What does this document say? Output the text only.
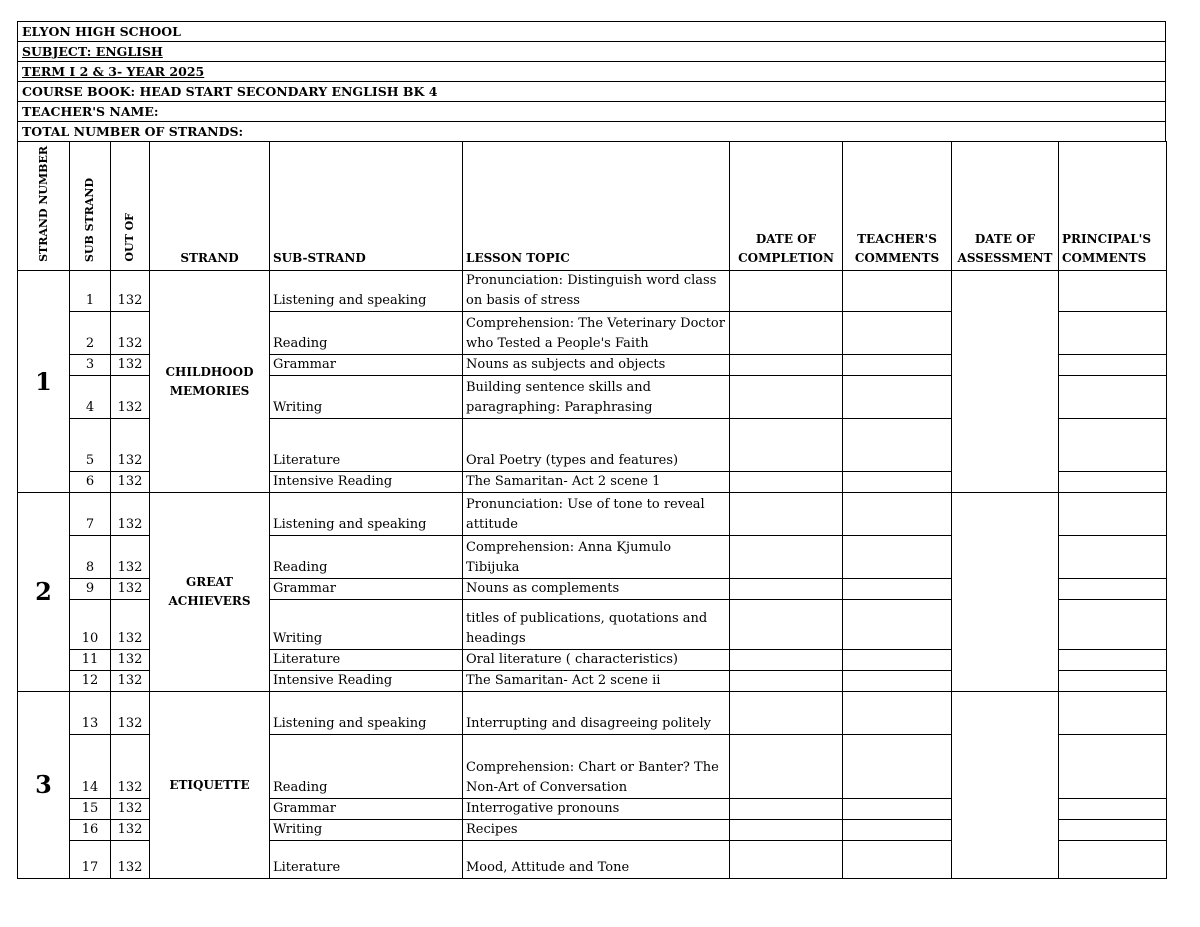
ELYON HIGH SCHOOL
SUBJECT: ENGLISH
TERM I 2 & 3- YEAR 2025
COURSE BOOK: HEAD START SECONDARY ENGLISH BK 4
TEACHER'S NAME:
TOTAL NUMBER OF STRANDS:
STRAND NUMBER	SUB STRAND	OUT OF	STRAND	SUB-STRAND	LESSON TOPIC	DATE OF COMPLETION	TEACHER'S COMMENTS	DATE OF ASSESSMENT	PRINCIPAL'S COMMENTS
1	1	132	CHILDHOOD MEMORIES	Listening and speaking	Pronunciation: Distinguish word class on basis of stress				
	2	132		Reading	Comprehension: The Veterinary Doctor who Tested a People's Faith				
	3	132		Grammar	Nouns as subjects and objects				
	4	132		Writing	Building sentence skills and paragraphing: Paraphrasing				
	5	132		Literature	Oral Poetry (types and features)				
	6	132		Intensive Reading	The Samaritan- Act 2 scene 1				
2	7	132	GREAT ACHIEVERS	Listening and speaking	Pronunciation: Use of tone to reveal attitude				
	8	132		Reading	Comprehension: Anna Kjumulo Tibijuka				
	9	132		Grammar	Nouns as complements				
	10	132		Writing	titles of publications, quotations and headings				
	11	132		Literature	Oral literature ( characteristics)				
	12	132		Intensive Reading	The Samaritan- Act 2 scene ii				
3	13	132	ETIQUETTE	Listening and speaking	Interrupting and disagreeing politely				
	14	132		Reading	Comprehension: Chart or Banter? The Non-Art of Conversation				
	15	132		Grammar	Interrogative pronouns				
	16	132		Writing	Recipes				
	17	132		Literature	Mood, Attitude and Tone				
